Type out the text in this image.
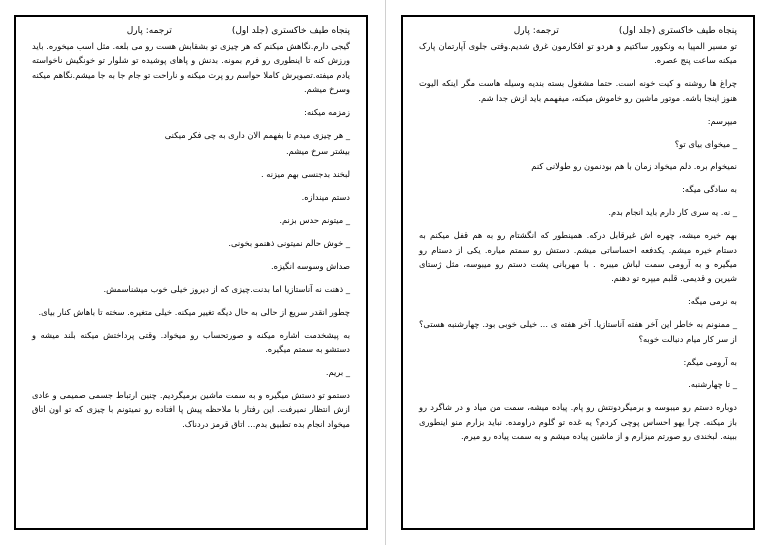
پنجاه طیف خاکستری (جلد اول)
ترجمه: پارل

گیجی دارم.نگاهش میکنم که هر چیزی تو بشقابش هست رو می بلعه. مثل اسب میخوره. باید ورزش کنه تا اینطوری رو فرم بمونه. بدنش و پاهای پوشیده تو شلوار تو خونگیش ناخواسته یادم میفته.تصویرش کاملا حواسم رو پرت میکنه و ناراحت تو جام جا به جا میشم.نگاهم میکنه وسرخ میشم.

زمزمه میکنه:

_ هر چیزی میدم تا بفهمم الان داری به چی فکر میکنی

بیشتر سرخ میشم.

لبخند بدجنسی بهم میزنه .

دستم میندازه.

_ میتونم حدس بزنم.

_ خوش حالم نمیتونی ذهنمو بخونی.

صداش وسوسه انگیزه.

_ ذهنت نه آناستازیا اما بدنت.چیزی که از دیروز خیلی خوب میشناسمش.

چطور انقدر سریع از حالی به حال دیگه تغییر میکنه. خیلی متغیره. سخته تا باهاش کنار بیای.

به پیشخدمت اشاره میکنه و صورتحساب رو میخواد. وقتی پرداختش میکنه بلند میشه و دستشو به سمتم میگیره.

_ بریم.

دستمو تو دستش میگیره و به سمت ماشین برمیگردیم. چنین ارتباط جسمی صمیمی و عادی ازش انتظار نمیرفت. این رفتار با ملاحظه پیش پا افتاده رو نمیتونم با چیزی که تو اون اتاق میخواد انجام بده تطبیق بدم... اتاق قرمز دردناک.

پنجاه طیف خاکستری (جلد اول)
ترجمه: پارل

تو مسیر المپیا به ونکوور ساکتیم و هردو تو افکارمون غرق شدیم.وقتی جلوی آپارتمان پارک میکنه ساعت پنج عصره.

چراغ ها روشنه و کیت خونه است. حتما مشغول بسته بندیه وسیله هاست مگر اینکه الیوت هنوز اینجا باشه. موتور ماشین رو خاموش میکنه، میفهمم باید ازش جدا شم.

میپرسم:

_ میخوای بیای تو؟

نمیخوام بره. دلم میخواد زمان با هم بودنمون رو طولانی کنم

به سادگی میگه:

_ نه. یه سری کار دارم باید انجام بدم.

بهم خیره میشه، چهره اش غیرقابل درکه. همینطور که انگشتام رو به هم قفل میکنم به دستام خیره میشم. یکدفعه احساساتی میشم. دستش رو سمتم میاره. یکی از دستام رو میگیره و به آرومی سمت لباش میبره . با مهربانی پشت دستم رو میبوسه، مثل ژستای شیرین و قدیمی. قلبم میپره تو دهنم.

به نرمی میگه:

_ ممنونم به خاطر این آخر هفته آناستازیا. آخر هفته ی ... خیلی خوبی بود. چهارشنبه هستی؟ از سر کار میام دنبالت خوبه؟

به آرومی میگم:

_ تا چهارشنبه.

دوباره دستم رو میبوسه و برمیگردونتش رو پام. پیاده میشه، سمت من میاد و در شاگرد رو باز میکنه. چرا یهو احساس پوچی کردم؟ یه غده تو گلوم دراومده. نباید بزارم منو اینطوری ببینه. لبخندی رو صورتم میزارم و از ماشین پیاده میشم و به سمت پیاده رو میرم.
